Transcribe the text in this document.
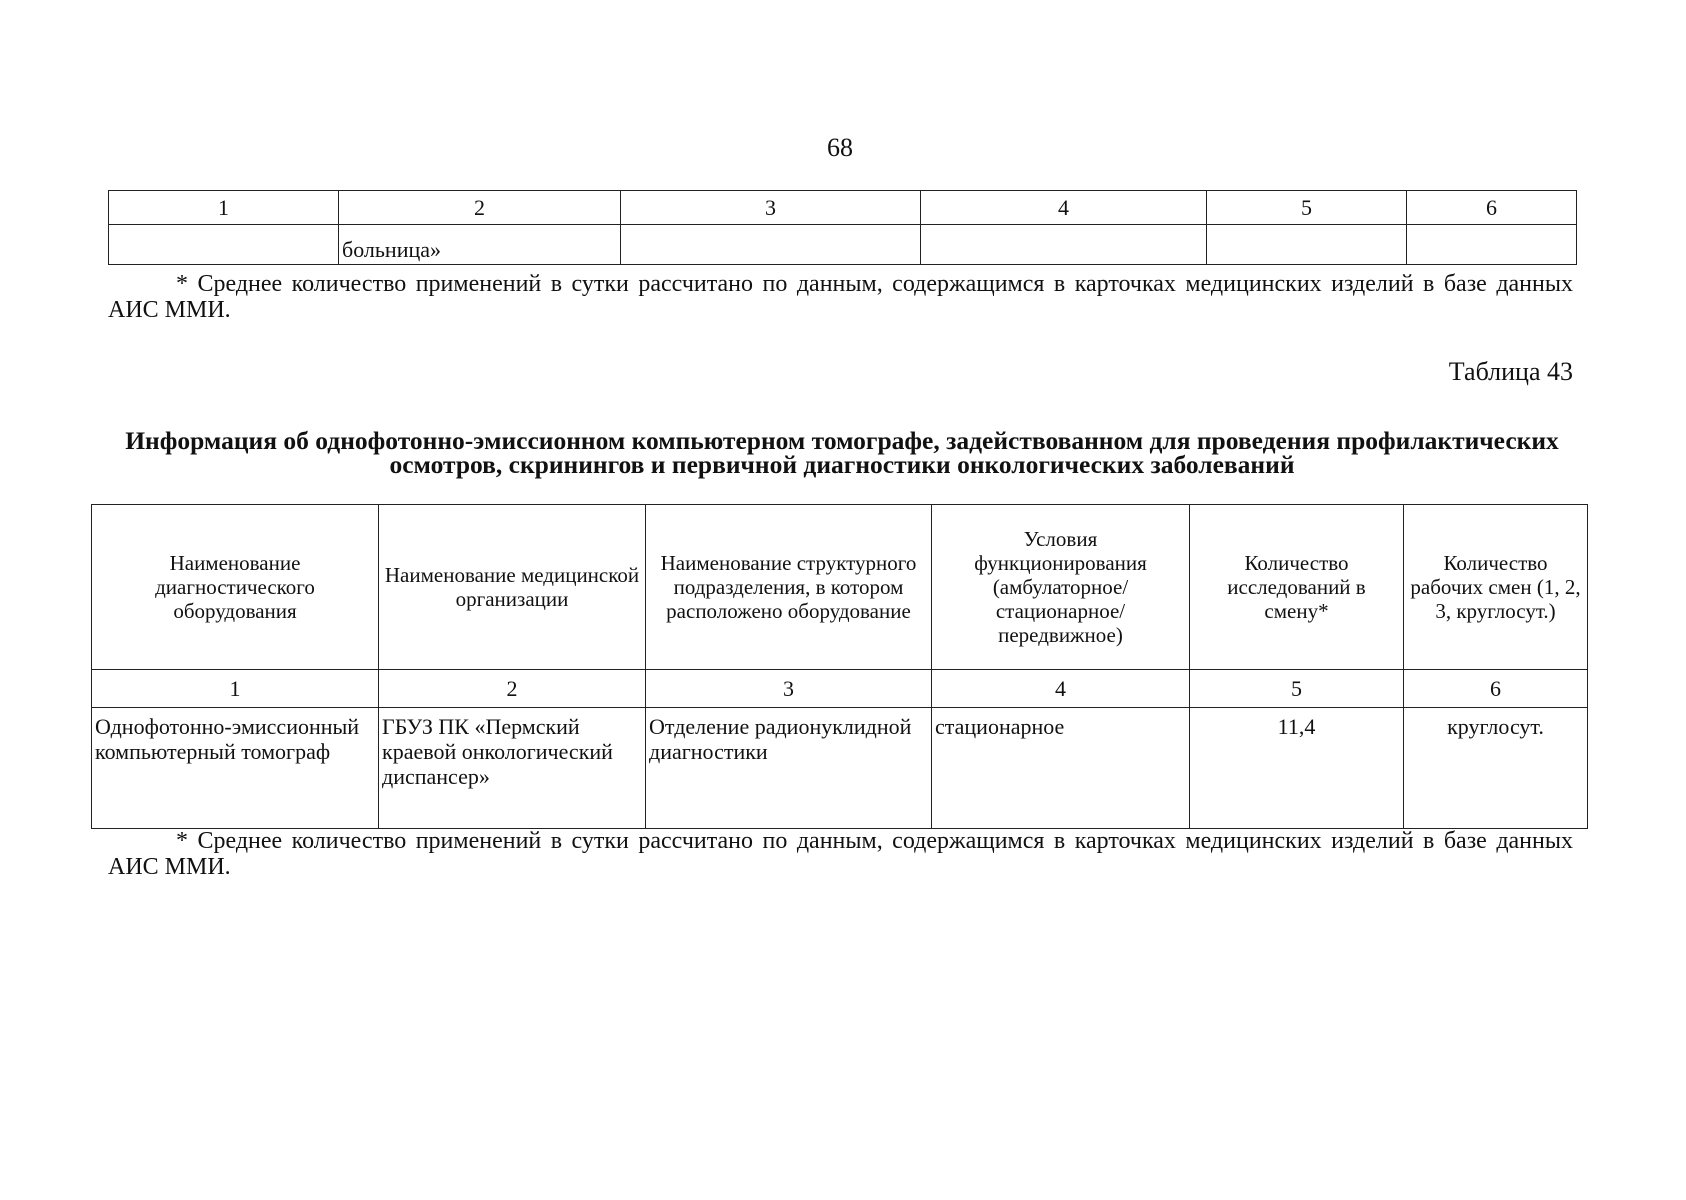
68
1	2	3	4	5	6
	больница»				
* Среднее количество применений в сутки рассчитано по данным, содержащимся в карточках медицинских изделий в базе данных АИС ММИ.
Таблица 43
Информация об однофотонно-эмиссионном компьютерном томографе, задействованном для проведения профилактических осмотров, скринингов и первичной диагностики онкологических заболеваний
Наименование диагностического оборудования	Наименование медицинской организации	Наименование структурного подразделения, в котором расположено оборудование	Условия функционирования (амбулаторное/ стационарное/ передвижное)	Количество исследований в смену*	Количество рабочих смен (1, 2, 3, круглосут.)
1	2	3	4	5	6
Однофотонно-эмиссионный компьютерный томограф	ГБУЗ ПК «Пермский краевой онкологический диспансер»	Отделение радионуклидной диагностики	стационарное	11,4	круглосут.
* Среднее количество применений в сутки рассчитано по данным, содержащимся в карточках медицинских изделий в базе данных АИС ММИ.
